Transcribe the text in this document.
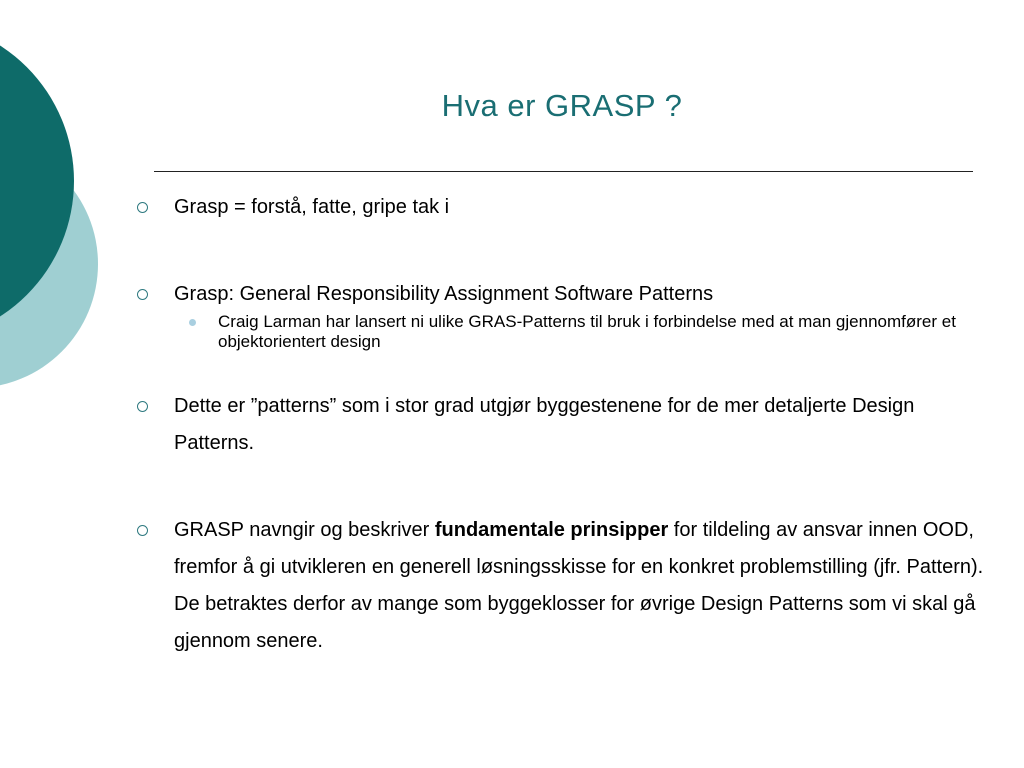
Hva er GRASP ?
Grasp = forstå, fatte, gripe tak i
Grasp: General Responsibility Assignment Software Patterns
Craig Larman har lansert ni ulike GRAS-Patterns til bruk i forbindelse med at man gjennomfører et objektorientert design
Dette er ”patterns” som i stor grad utgjør byggestenene for de mer detaljerte Design Patterns.
GRASP navngir og beskriver fundamentale prinsipper for tildeling av ansvar innen OOD, fremfor å gi utvikleren en generell løsningsskisse for en konkret problemstilling (jfr. Pattern). De betraktes derfor av mange som byggeklosser for øvrige Design Patterns som vi skal gå gjennom senere.
